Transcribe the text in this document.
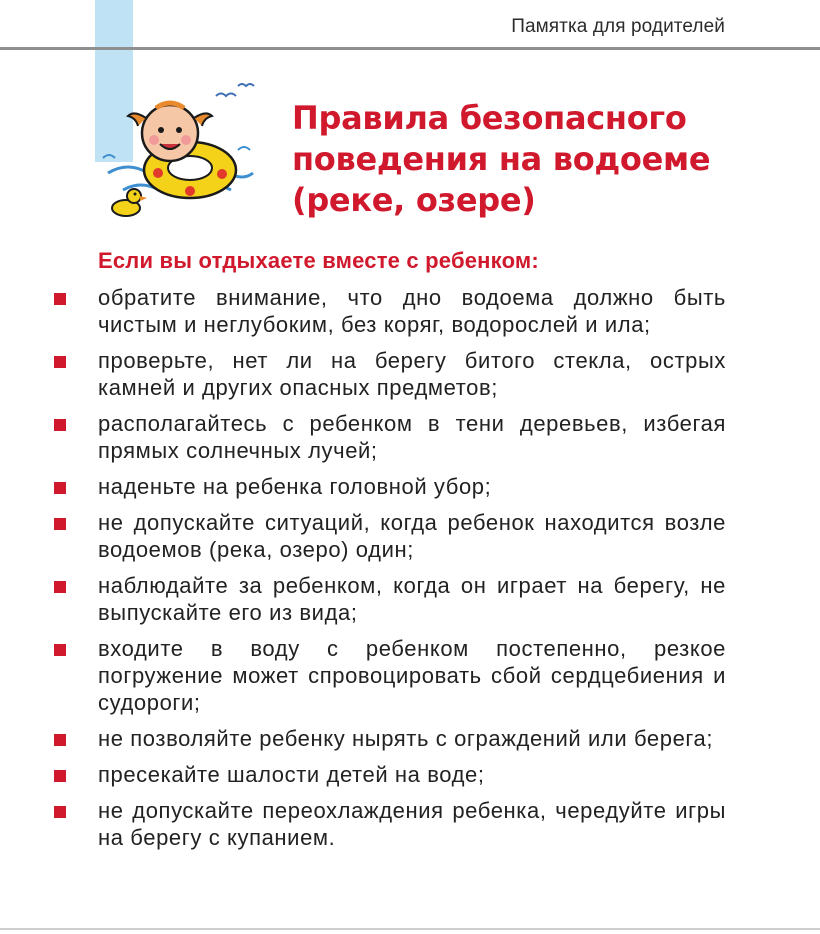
Памятка для родителей
Правила безопасного
поведения на водоеме
(реке, озере)
Если вы отдыхаете вместе с ребенком:
обратите внимание, что дно водоема должно быть чистым и неглубоким, без коряг, водорослей и ила;
проверьте, нет ли на берегу битого стекла, острых камней и других опасных предметов;
располагайтесь с ребенком в тени деревьев, избегая прямых солнечных лучей;
наденьте на ребенка головной убор;
не допускайте ситуаций, когда ребенок находится возле водоемов (река, озеро) один;
наблюдайте за ребенком, когда он играет на берегу, не выпускайте его из вида;
входите в воду с ребенком постепенно, резкое погружение может спровоцировать сбой сердцебиения и судороги;
не позволяйте ребенку нырять с ограждений или берега;
пресекайте шалости детей на воде;
не допускайте переохлаждения ребенка, чередуйте игры на берегу с купанием.
